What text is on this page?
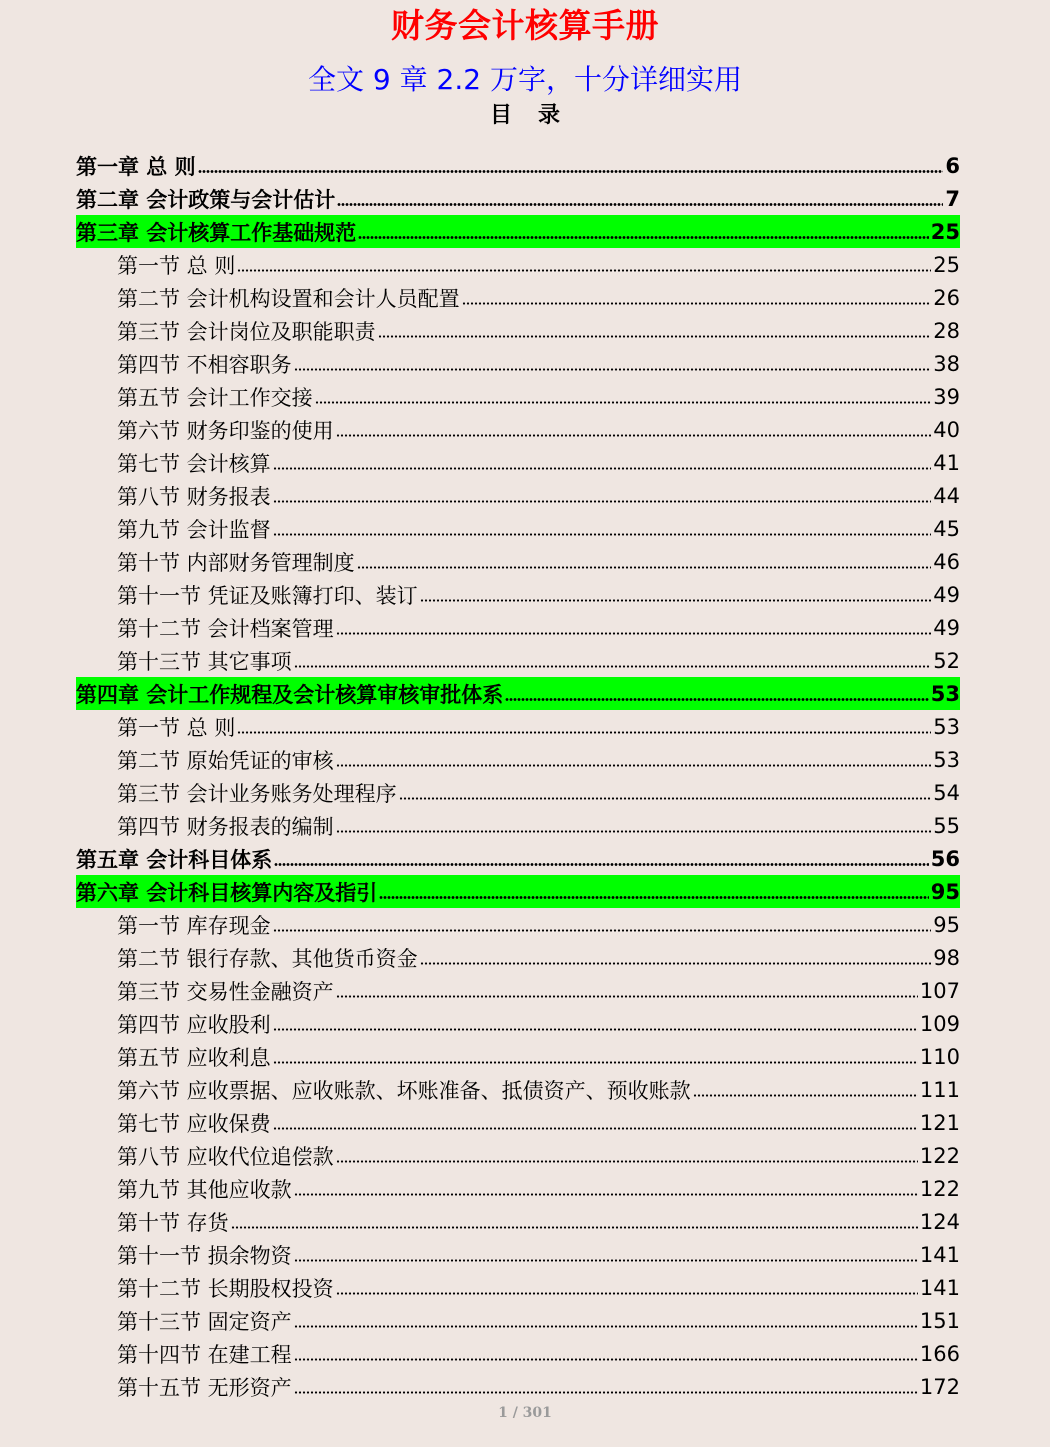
财务会计核算手册
全文 9 章 2.2 万字，十分详细实用
目录
第一章 总 则	6
第二章 会计政策与会计估计	7
第三章 会计核算工作基础规范	25
第一节 总 则	25
第二节 会计机构设置和会计人员配置	26
第三节 会计岗位及职能职责	28
第四节 不相容职务	38
第五节 会计工作交接	39
第六节 财务印鉴的使用	40
第七节 会计核算	41
第八节 财务报表	44
第九节 会计监督	45
第十节 内部财务管理制度	46
第十一节 凭证及账簿打印、装订	49
第十二节 会计档案管理	49
第十三节 其它事项	52
第四章 会计工作规程及会计核算审核审批体系	53
第一节 总 则	53
第二节 原始凭证的审核	53
第三节 会计业务账务处理程序	54
第四节 财务报表的编制	55
第五章 会计科目体系	56
第六章 会计科目核算内容及指引	95
第一节 库存现金	95
第二节 银行存款、其他货币资金	98
第三节 交易性金融资产	107
第四节 应收股利	109
第五节 应收利息	110
第六节 应收票据、应收账款、坏账准备、抵债资产、预收账款	111
第七节 应收保费	121
第八节 应收代位追偿款	122
第九节 其他应收款	122
第十节 存货	124
第十一节 损余物资	141
第十二节 长期股权投资	141
第十三节 固定资产	151
第十四节 在建工程	166
第十五节 无形资产	172
1 / 301
